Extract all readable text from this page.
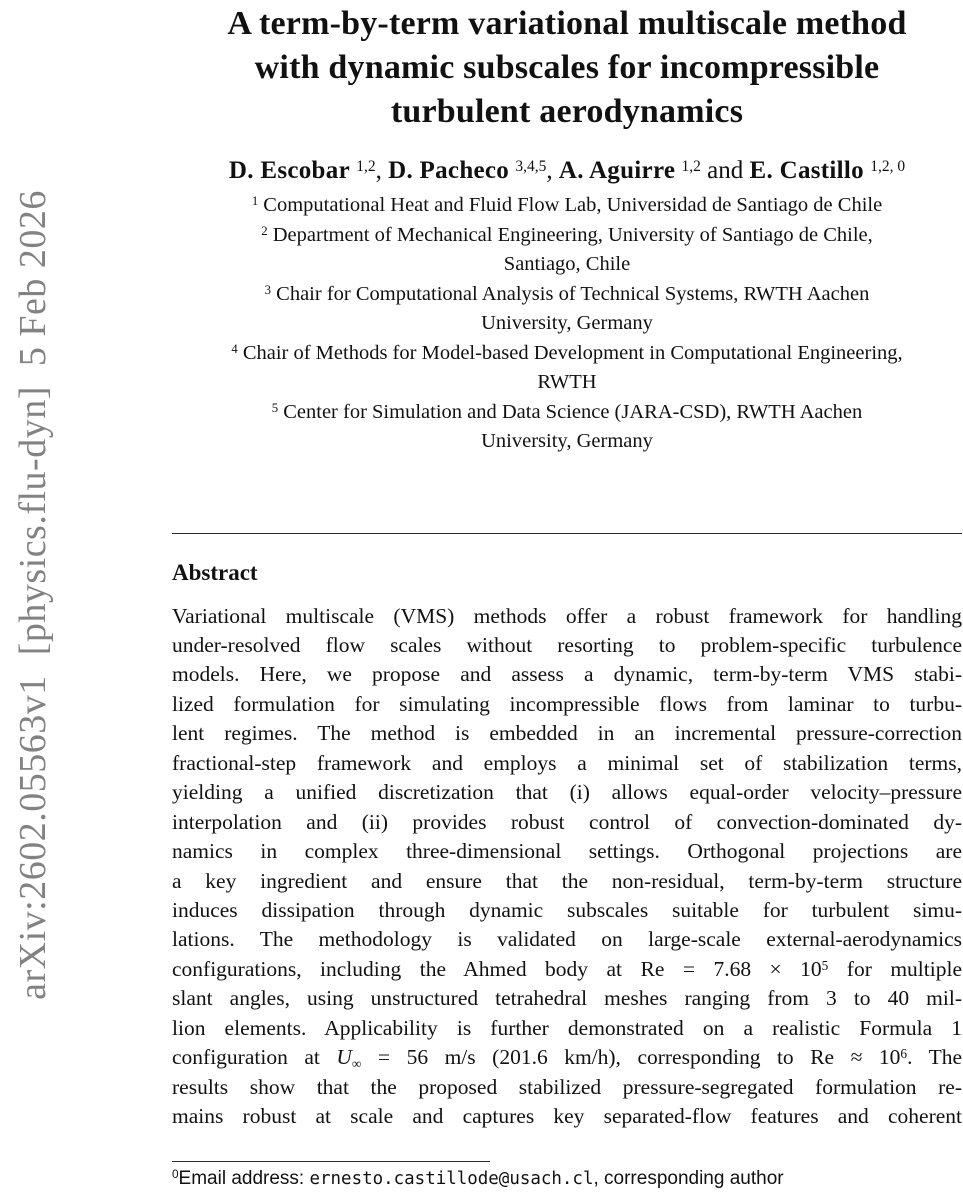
arXiv:2602.05563v1  [physics.flu-dyn]  5 Feb 2026
A term-by-term variational multiscale method
with dynamic subscales for incompressible
turbulent aerodynamics
D. Escobar $^{1,2}$, D. Pacheco $^{3,4,5}$, A. Aguirre $^{1,2}$ and E. Castillo $^{1,2, 0}$
$^1$ Computational Heat and Fluid Flow Lab, Universidad de Santiago de Chile
$^2$ Department of Mechanical Engineering, University of Santiago de Chile,
Santiago, Chile
$^3$ Chair for Computational Analysis of Technical Systems, RWTH Aachen
University, Germany
$^4$ Chair of Methods for Model-based Development in Computational Engineering,
RWTH
$^5$ Center for Simulation and Data Science (JARA-CSD), RWTH Aachen
University, Germany
Abstract
Variational multiscale (VMS) methods offer a robust framework for handling
under-resolved flow scales without resorting to problem-specific turbulence
models. Here, we propose and assess a dynamic, term-by-term VMS stabi-
lized formulation for simulating incompressible flows from laminar to turbu-
lent regimes. The method is embedded in an incremental pressure-correction
fractional-step framework and employs a minimal set of stabilization terms,
yielding a unified discretization that (i) allows equal-order velocity–pressure
interpolation and (ii) provides robust control of convection-dominated dy-
namics in complex three-dimensional settings. Orthogonal projections are
a key ingredient and ensure that the non-residual, term-by-term structure
induces dissipation through dynamic subscales suitable for turbulent simu-
lations. The methodology is validated on large-scale external-aerodynamics
configurations, including the Ahmed body at $Re = 7.68 \times 10^5$ for multiple
slant angles, using unstructured tetrahedral meshes ranging from 3 to 40 mil-
lion elements. Applicability is further demonstrated on a realistic Formula 1
configuration at $U_\infty = 56$ m/s (201.6 km/h), corresponding to $Re \approx 10^6$. The
results show that the proposed stabilized pressure-segregated formulation re-
mains robust at scale and captures key separated-flow features and coherent
$^0$Email address: ernesto.castillode@usach.cl, corresponding author
